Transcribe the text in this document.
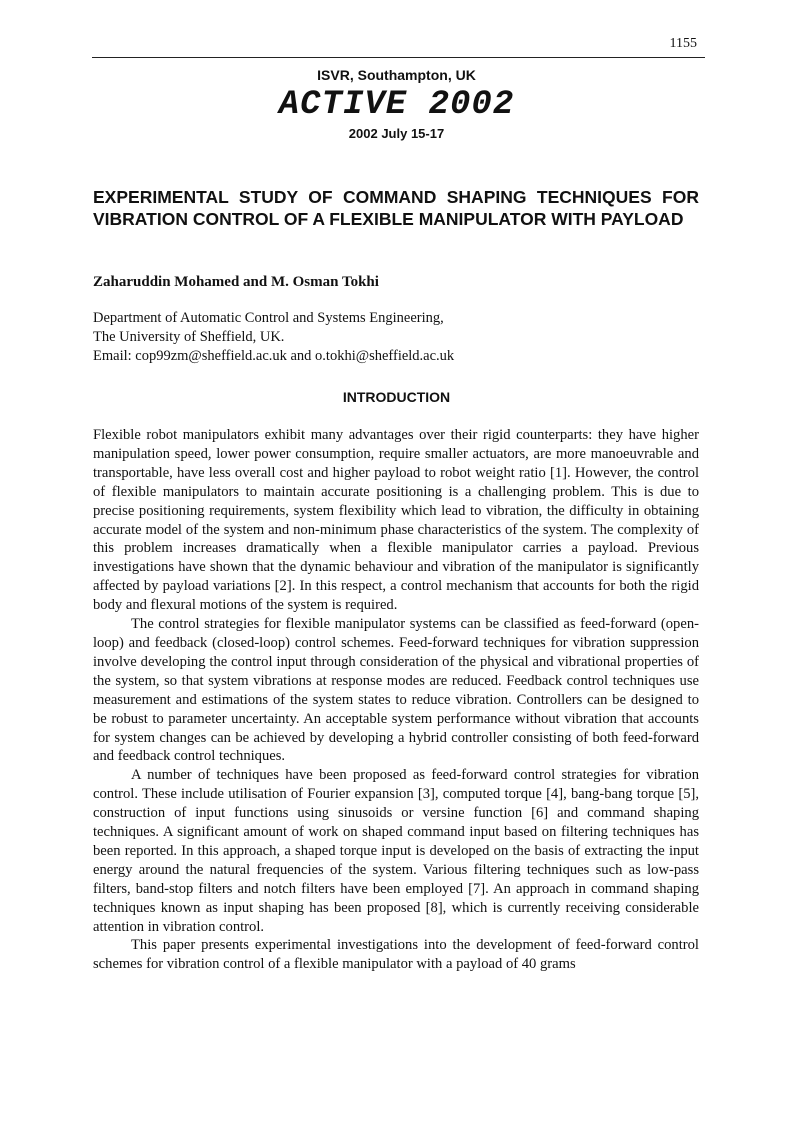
1155
ISVR, Southampton, UK
ACTIVE 2002
2002 July 15-17
EXPERIMENTAL STUDY OF COMMAND SHAPING TECHNIQUES FOR VIBRATION CONTROL OF A FLEXIBLE MANIPULATOR WITH PAYLOAD
Zaharuddin Mohamed and M. Osman Tokhi
Department of Automatic Control and Systems Engineering,
The University of Sheffield, UK.
Email: cop99zm@sheffield.ac.uk and o.tokhi@sheffield.ac.uk
INTRODUCTION

Flexible robot manipulators exhibit many advantages over their rigid counterparts: they have higher manipulation speed, lower power consumption, require smaller actuators, are more manoeuvrable and transportable, have less overall cost and higher payload to robot weight ratio [1]. However, the control of flexible manipulators to maintain accurate positioning is a challenging problem. This is due to precise positioning requirements, system flexibility which lead to vibration, the difficulty in obtaining accurate model of the system and non-minimum phase characteristics of the system. The complexity of this problem increases dramatically when a flexible manipulator carries a payload. Previous investigations have shown that the dynamic behaviour and vibration of the manipulator is significantly affected by payload variations [2]. In this respect, a control mechanism that accounts for both the rigid body and flexural motions of the system is required.

The control strategies for flexible manipulator systems can be classified as feed-forward (open-loop) and feedback (closed-loop) control schemes. Feed-forward techniques for vibration suppression involve developing the control input through consideration of the physical and vibrational properties of the system, so that system vibrations at response modes are reduced. Feedback control techniques use measurement and estimations of the system states to reduce vibration. Controllers can be designed to be robust to parameter uncertainty. An acceptable system performance without vibration that accounts for system changes can be achieved by developing a hybrid controller consisting of both feed-forward and feedback control techniques.

A number of techniques have been proposed as feed-forward control strategies for vibration control. These include utilisation of Fourier expansion [3], computed torque [4], bang-bang torque [5], construction of input functions using sinusoids or versine function [6] and command shaping techniques. A significant amount of work on shaped command input based on filtering techniques has been reported. In this approach, a shaped torque input is developed on the basis of extracting the input energy around the natural frequencies of the system. Various filtering techniques such as low-pass filters, band-stop filters and notch filters have been employed [7]. An approach in command shaping techniques known as input shaping has been proposed [8], which is currently receiving considerable attention in vibration control.

This paper presents experimental investigations into the development of feed-forward control schemes for vibration control of a flexible manipulator with a payload of 40 grams
